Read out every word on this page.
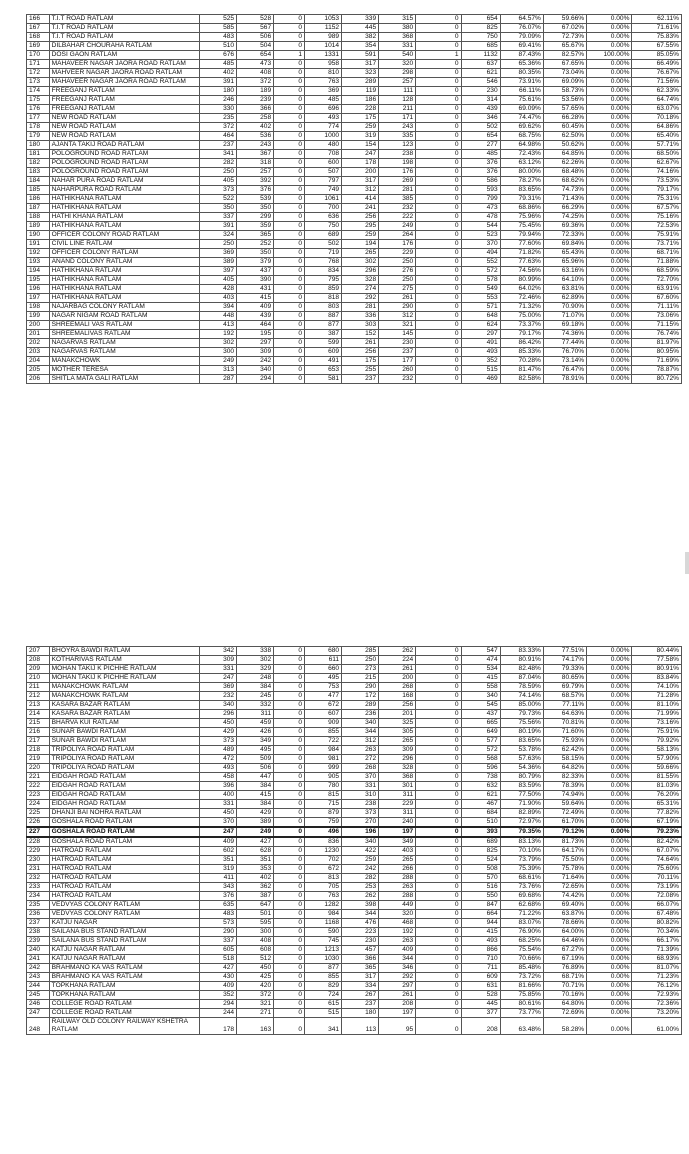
166	T.I.T ROAD RATLAM	525	528	0	1053	339	315	0	654	64.57%	59.66%	0.00%	62.11%
167	T.I.T ROAD RATLAM	585	567	0	1152	445	380	0	825	76.07%	67.02%	0.00%	71.61%
168	T.I.T ROAD RATLAM	483	506	0	989	382	368	0	750	79.09%	72.73%	0.00%	75.83%
169	DILBAHAR CHOURAHA RATLAM	510	504	0	1014	354	331	0	685	69.41%	65.67%	0.00%	67.55%
170	DOSI GAON RATLAM	676	654	1	1331	591	540	1	1132	87.43%	82.57%	100.00%	85.05%
171	MAHAVEER NAGAR JAORA ROAD RATLAM	485	473	0	958	317	320	0	637	65.36%	67.65%	0.00%	66.49%
172	MAHVEER NAGAR JAORA ROAD RATLAM	402	408	0	810	323	298	0	621	80.35%	73.04%	0.00%	76.67%
173	MAHAVEER NAGAR JAORA ROAD RATLAM	391	372	0	763	289	257	0	546	73.91%	69.09%	0.00%	71.56%
174	FREEGANJ RATLAM	180	189	0	369	119	111	0	230	66.11%	58.73%	0.00%	62.33%
175	FREEGANJ RATLAM	246	239	0	485	186	128	0	314	75.61%	53.56%	0.00%	64.74%
176	FREEGANJ RATLAM	330	366	0	696	228	211	0	439	69.09%	57.65%	0.00%	63.07%
177	NEW ROAD RATLAM	235	258	0	493	175	171	0	346	74.47%	66.28%	0.00%	70.18%
178	NEW ROAD RATLAM	372	402	0	774	259	243	0	502	69.62%	60.45%	0.00%	64.86%
179	NEW ROAD RATLAM	464	536	0	1000	319	335	0	654	68.75%	62.50%	0.00%	65.40%
180	AJANTA TAKIJ ROAD RATLAM	237	243	0	480	154	123	0	277	64.98%	50.62%	0.00%	57.71%
181	POLOGROUND ROAD RATLAM	341	367	0	708	247	238	0	485	72.43%	64.85%	0.00%	68.50%
182	POLOGROUND ROAD RATLAM	282	318	0	600	178	198	0	376	63.12%	62.26%	0.00%	62.67%
183	POLOGROUND ROAD RATLAM	250	257	0	507	200	176	0	376	80.00%	68.48%	0.00%	74.16%
184	NAHAR PURA ROAD RATLAM	405	392	0	797	317	269	0	586	78.27%	68.62%	0.00%	73.53%
185	NAHARPURA ROAD RATLAM	373	376	0	749	312	281	0	593	83.65%	74.73%	0.00%	79.17%
186	HATHIKHANA RATLAM	522	539	0	1061	414	385	0	799	79.31%	71.43%	0.00%	75.31%
187	HATHIKHANA RATLAM	350	350	0	700	241	232	0	473	68.86%	66.29%	0.00%	67.57%
188	HATHI KHANA RATLAM	337	299	0	636	256	222	0	478	75.96%	74.25%	0.00%	75.16%
189	HATHIKHANA RATLAM	391	359	0	750	295	249	0	544	75.45%	69.36%	0.00%	72.53%
190	OFFICER COLONY ROAD RATLAM	324	365	0	689	259	264	0	523	79.94%	72.33%	0.00%	75.91%
191	CIVIL LINE RATLAM	250	252	0	502	194	176	0	370	77.60%	69.84%	0.00%	73.71%
192	OFFICER COLONY RATLAM	369	350	0	719	265	229	0	494	71.82%	65.43%	0.00%	68.71%
193	ANAND COLONY RATLAM	389	379	0	768	302	250	0	552	77.63%	65.96%	0.00%	71.88%
194	HATHIKHANA RATLAM	397	437	0	834	296	276	0	572	74.56%	63.16%	0.00%	68.59%
195	HATHIKHANA RATLAM	405	390	0	795	328	250	0	578	80.99%	64.10%	0.00%	72.70%
196	HATHIKHANA RATLAM	428	431	0	859	274	275	0	549	64.02%	63.81%	0.00%	63.91%
197	HATHIKHANA RATLAM	403	415	0	818	292	261	0	553	72.46%	62.89%	0.00%	67.60%
198	NAJARBAG COLONY RATLAM	394	409	0	803	281	290	0	571	71.32%	70.90%	0.00%	71.11%
199	NAGAR NIGAM ROAD RATLAM	448	439	0	887	336	312	0	648	75.00%	71.07%	0.00%	73.06%
200	SHREEMALI VAS RATLAM	413	464	0	877	303	321	0	624	73.37%	69.18%	0.00%	71.15%
201	SHREEMALIVAS RATLAM	192	195	0	387	152	145	0	297	79.17%	74.36%	0.00%	76.74%
202	NAGARVAS RATLAM	302	297	0	599	261	230	0	491	86.42%	77.44%	0.00%	81.97%
203	NAGARVAS RATLAM	300	309	0	609	256	237	0	493	85.33%	76.70%	0.00%	80.95%
204	MANAKCHOWK	249	242	0	491	175	177	0	352	70.28%	73.14%	0.00%	71.69%
205	MOTHER TERESA	313	340	0	653	255	260	0	515	81.47%	76.47%	0.00%	78.87%
206	SHITLA MATA GALI RATLAM	287	294	0	581	237	232	0	469	82.58%	78.91%	0.00%	80.72%
207	BHOYRA BAWDI RATLAM	342	338	0	680	285	262	0	547	83.33%	77.51%	0.00%	80.44%
208	KOTHARIVAS RATLAM	309	302	0	611	250	224	0	474	80.91%	74.17%	0.00%	77.58%
209	MOHAN TAKIJ K PICHHE RATLAM	331	329	0	660	273	261	0	534	82.48%	79.33%	0.00%	80.91%
210	MOHAN TAKIJ K PICHHE RATLAM	247	248	0	495	215	200	0	415	87.04%	80.65%	0.00%	83.84%
211	MANAKCHOWK RATLAM	369	384	0	753	290	268	0	558	78.59%	69.79%	0.00%	74.10%
212	MANAKCHOWK RATLAM	232	245	0	477	172	168	0	340	74.14%	68.57%	0.00%	71.28%
213	KASARA BAZAR RATLAM	340	332	0	672	289	256	0	545	85.00%	77.11%	0.00%	81.10%
214	KASARA BAZAR RATLAM	296	311	0	607	236	201	0	437	79.73%	64.63%	0.00%	71.99%
215	BHARVA KUI RATLAM	450	459	0	909	340	325	0	665	75.56%	70.81%	0.00%	73.16%
216	SUNAR BAWDI RATLAM	429	426	0	855	344	305	0	649	80.19%	71.60%	0.00%	75.91%
217	SUNAR BAWDI RATLAM	373	349	0	722	312	265	0	577	83.65%	75.93%	0.00%	79.92%
218	TRIPOLIYA ROAD RATLAM	489	495	0	984	263	309	0	572	53.78%	62.42%	0.00%	58.13%
219	TRIPOLIYA ROAD RATLAM	472	509	0	981	272	296	0	568	57.63%	58.15%	0.00%	57.90%
220	TRIPOLIYA ROAD RATLAM	493	506	0	999	268	328	0	596	54.36%	64.82%	0.00%	59.66%
221	EIDGAH ROAD RATLAM	458	447	0	905	370	368	0	738	80.79%	82.33%	0.00%	81.55%
222	EIDGAH ROAD RATLAM	396	384	0	780	331	301	0	632	83.59%	78.39%	0.00%	81.03%
223	EIDGAH ROAD RATLAM	400	415	0	815	310	311	0	621	77.50%	74.94%	0.00%	76.20%
224	EIDGAH ROAD RATLAM	331	384	0	715	238	229	0	467	71.90%	59.64%	0.00%	65.31%
225	DHANJI BAI NOHRA RATLAM	450	429	0	879	373	311	0	684	82.89%	72.49%	0.00%	77.82%
226	GOSHALA ROAD RATLAM	370	389	0	759	270	240	0	510	72.97%	61.70%	0.00%	67.19%
227	GOSHALA ROAD RATLAM	247	249	0	496	196	197	0	393	79.35%	79.12%	0.00%	79.23%
228	GOSHALA ROAD RATLAM	409	427	0	836	340	349	0	689	83.13%	81.73%	0.00%	82.42%
229	HATROAD RATLAM	602	628	0	1230	422	403	0	825	70.10%	64.17%	0.00%	67.07%
230	HATROAD RATLAM	351	351	0	702	259	265	0	524	73.79%	75.50%	0.00%	74.64%
231	HATROAD RATLAM	319	353	0	672	242	266	0	508	75.39%	75.78%	0.00%	75.60%
232	HATROAD RATLAM	411	402	0	813	282	288	0	570	68.61%	71.64%	0.00%	70.11%
233	HATROAD RATLAM	343	362	0	705	253	263	0	516	73.76%	72.65%	0.00%	73.19%
234	HATROAD RATLAM	376	387	0	763	262	288	0	550	69.68%	74.42%	0.00%	72.08%
235	VEDVYAS COLONY RATLAM	635	647	0	1282	398	449	0	847	62.68%	69.40%	0.00%	66.07%
236	VEDVYAS COLONY RATLAM	483	501	0	984	344	320	0	664	71.22%	63.87%	0.00%	67.48%
237	KATJU NAGAR	573	595	0	1168	476	468	0	944	83.07%	78.66%	0.00%	80.82%
238	SAILANA BUS STAND RATLAM	290	300	0	590	223	192	0	415	76.90%	64.00%	0.00%	70.34%
239	SAILANA BUS STAND RATLAM	337	408	0	745	230	263	0	493	68.25%	64.46%	0.00%	66.17%
240	KATJU NAGAR RATLAM	605	608	0	1213	457	409	0	866	75.54%	67.27%	0.00%	71.39%
241	KATJU NAGAR RATLAM	518	512	0	1030	366	344	0	710	70.66%	67.19%	0.00%	68.93%
242	BRAHMANO KA VAS RATLAM	427	450	0	877	365	346	0	711	85.48%	76.89%	0.00%	81.07%
243	BRAHMANO KA VAS RATLAM	430	425	0	855	317	292	0	609	73.72%	68.71%	0.00%	71.23%
244	TOPKHANA RATLAM	409	420	0	829	334	297	0	631	81.66%	70.71%	0.00%	76.12%
245	TOPKHANA RATLAM	352	372	0	724	267	261	0	528	75.85%	70.16%	0.00%	72.93%
246	COLLEGE ROAD RATLAM	294	321	0	615	237	208	0	445	80.61%	64.80%	0.00%	72.36%
247	COLLEGE ROAD RATLAM	244	271	0	515	180	197	0	377	73.77%	72.69%	0.00%	73.20%
248	RAILWAY OLD COLONY RAILWAY KSHETRA RATLAM	178	163	0	341	113	95	0	208	63.48%	58.28%	0.00%	61.00%
